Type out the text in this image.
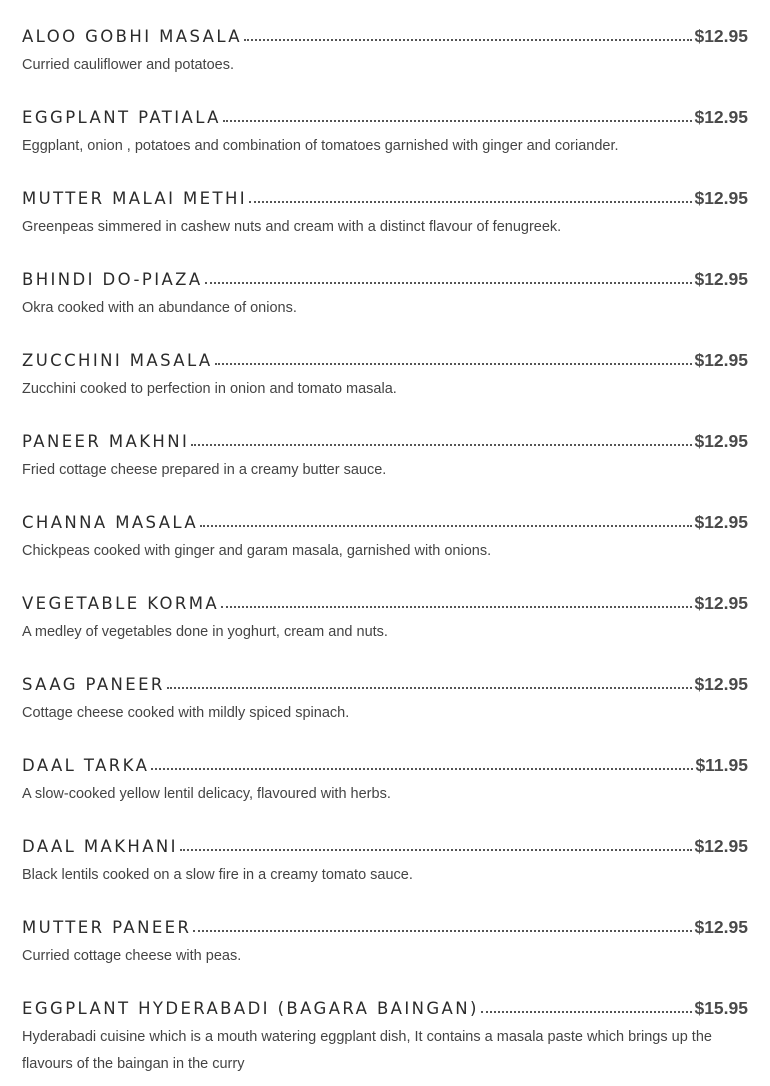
ALOO GOBHI MASALA	$12.95
Curried cauliflower and potatoes.
EGGPLANT PATIALA	$12.95
Eggplant, onion , potatoes and combination of tomatoes garnished with ginger and coriander.
MUTTER MALAI METHI	$12.95
Greenpeas simmered in cashew nuts and cream with a distinct flavour of fenugreek.
BHINDI DO-PIAZA	$12.95
Okra cooked with an abundance of onions.
ZUCCHINI MASALA	$12.95
Zucchini cooked to perfection in onion and tomato masala.
PANEER MAKHNI	$12.95
Fried cottage cheese prepared in a creamy butter sauce.
CHANNA MASALA	$12.95
Chickpeas cooked with ginger and garam masala, garnished with onions.
VEGETABLE KORMA	$12.95
A medley of vegetables done in yoghurt, cream and nuts.
SAAG PANEER	$12.95
Cottage cheese cooked with mildly spiced spinach.
DAAL TARKA	$11.95
A slow-cooked yellow lentil delicacy, flavoured with herbs.
DAAL MAKHANI	$12.95
Black lentils cooked on a slow fire in a creamy tomato sauce.
MUTTER PANEER	$12.95
Curried cottage cheese with peas.
EGGPLANT HYDERABADI (BAGARA BAINGAN)	$15.95
Hyderabadi cuisine which is a mouth watering eggplant dish, It contains a masala paste which brings up the flavours of the baingan in the curry
